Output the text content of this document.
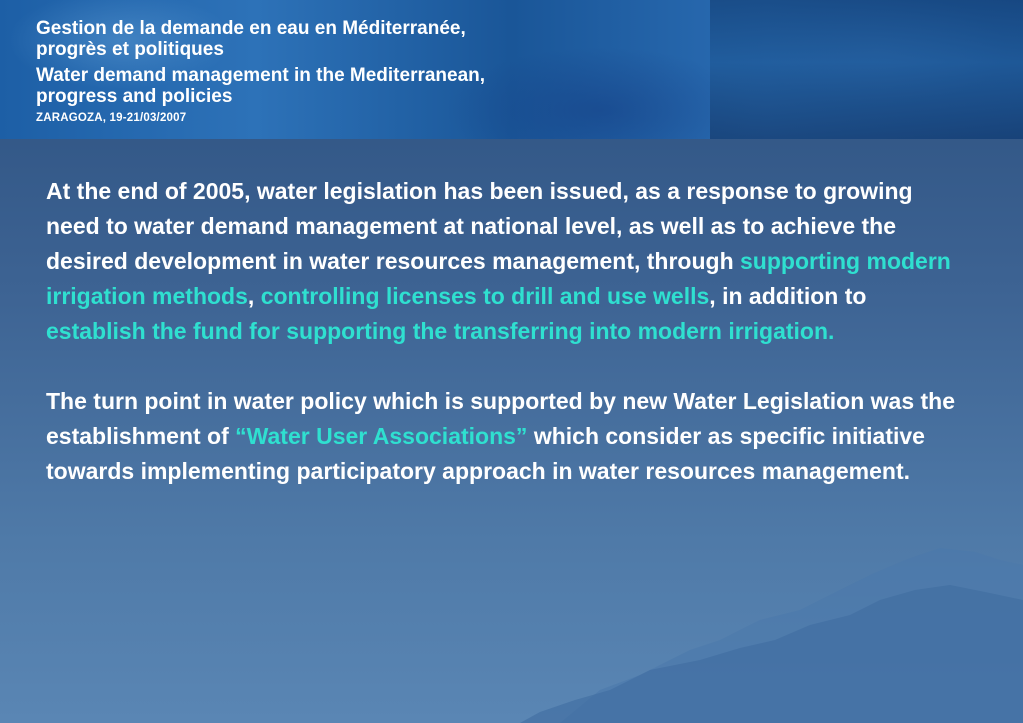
Gestion de la demande en eau en Méditerranée,
progrès et politiques

Water demand management in the Mediterranean,
progress and policies

ZARAGOZA, 19-21/03/2007

At the end of 2005, water legislation has been issued, as a response to growing need to water demand management at national level, as well as to achieve the desired development in water resources management, through supporting modern irrigation methods, controlling licenses to drill and use wells, in addition to establish the fund for supporting the transferring into modern irrigation.

The turn point in water policy which is supported by new Water Legislation was the establishment of “Water User Associations” which consider as specific initiative towards implementing participatory approach in water resources management.
